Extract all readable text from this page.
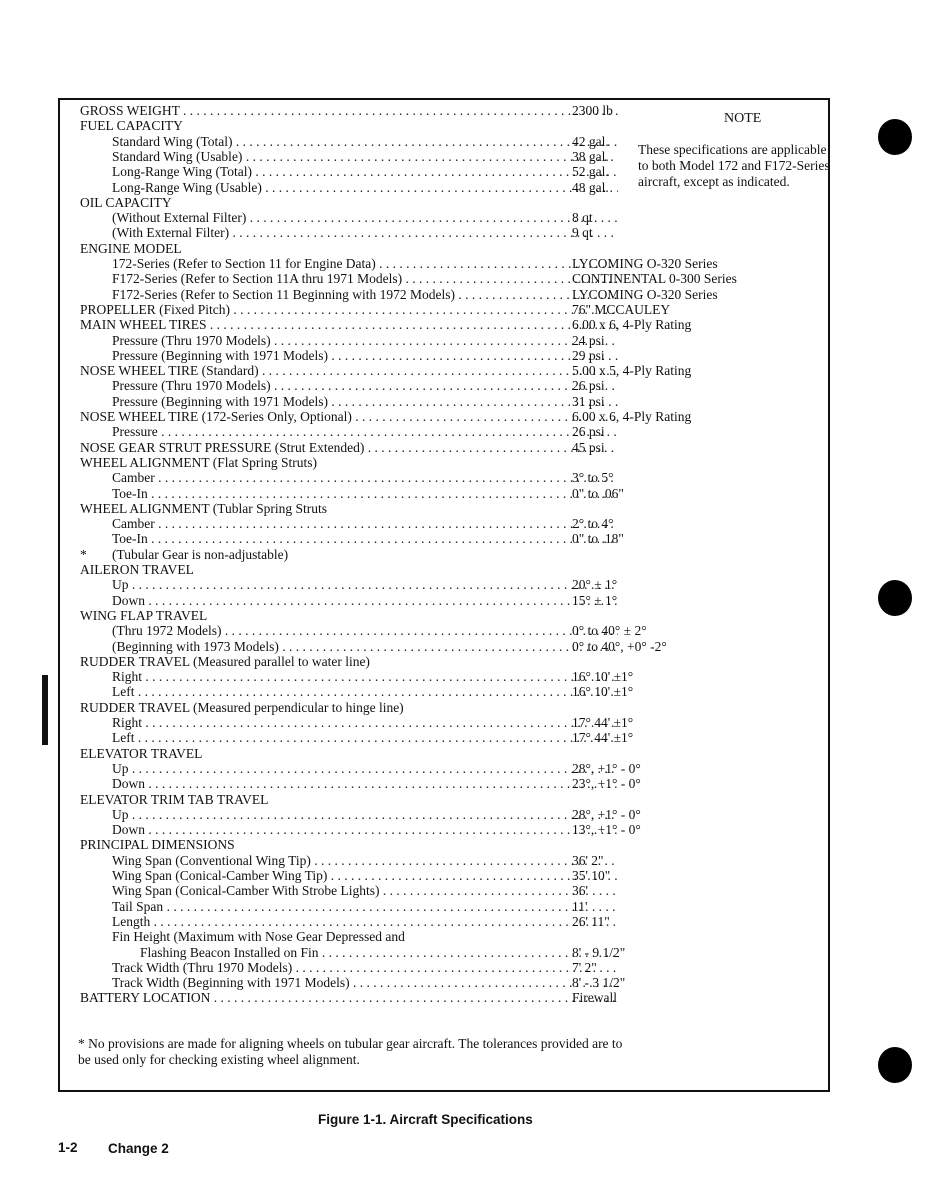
GROSS WEIGHT . . .	2300 lb
FUEL CAPACITY
Standard Wing (Total) . . .	42 gal.
Standard Wing (Usable) . . .	38 gal.
Long-Range Wing (Total) . . .	52 gal.
Long-Range Wing (Usable) . . .	48 gal.
OIL CAPACITY
(Without External Filter) . . .	8 qt
(With External Filter) . . .	9 qt
ENGINE MODEL
172-Series (Refer to Section 11 for Engine Data) . . .	LYCOMING O-320 Series
F172-Series (Refer to Section 11A thru 1971 Models) . . .	CONTINENTAL 0-300 Series
F172-Series (Refer to Section 11 Beginning with 1972 Models) . . .	LYCOMING O-320 Series
PROPELLER (Fixed Pitch) . . .	76" MCCAULEY
MAIN WHEEL TIRES . . .	6.00 x 6, 4-Ply Rating
Pressure (Thru 1970 Models) . . .	24 psi
Pressure (Beginning with 1971 Models) . . .	29 psi
NOSE WHEEL TIRE (Standard) . . .	5.00 x 5, 4-Ply Rating
Pressure (Thru 1970 Models) . . .	26 psi
Pressure (Beginning with 1971 Models) . . .	31 psi
NOSE WHEEL TIRE (172-Series Only, Optional) . . .	6.00 x 6, 4-Ply Rating
Pressure . . .	26 psi
NOSE GEAR STRUT PRESSURE (Strut Extended) . . .	45 psi
WHEEL ALIGNMENT (Flat Spring Struts)
Camber . . .	3° to 5°
Toe-In . . .	0" to .06"
WHEEL ALIGNMENT (Tublar Spring Struts
Camber . . .	2° to 4°
Toe-In . . .	0" to .18"
* (Tubular Gear is non-adjustable)
AILERON TRAVEL
Up . . .	20° ± 1°
Down . . .	15° ± 1°
WING FLAP TRAVEL
(Thru 1972 Models) . . .	0° to 40° ± 2°
(Beginning with 1973 Models) . . .	0° to 40°, +0° -2°
RUDDER TRAVEL (Measured parallel to water line)
Right . . .	16° 10' ±1°
Left . . .	16° 10' ±1°
RUDDER TRAVEL (Measured perpendicular to hinge line)
Right . . .	17° 44' ±1°
Left . . .	17° 44' ±1°
ELEVATOR TRAVEL
Up . . .	28°, +1° - 0°
Down . . .	23°, +1° - 0°
ELEVATOR TRIM TAB TRAVEL
Up . . .	28°, +1° - 0°
Down . . .	13°, +1° - 0°
PRINCIPAL DIMENSIONS
Wing Span (Conventional Wing Tip) . . .	36' 2"
Wing Span (Conical-Camber Wing Tip) . . .	35' 10"
Wing Span (Conical-Camber With Strobe Lights) . . .	36'
Tail Span . . .	11'
Length . . .	26' 11"
Fin Height (Maximum with Nose Gear Depressed and
Flashing Beacon Installed on Fin . . .	8' - 9 1/2"
Track Width (Thru 1970 Models) . . .	7' 2"
Track Width (Beginning with 1971 Models) . . .	8' - 3 1/2"
BATTERY LOCATION . . .	Firewall
NOTE
These specifications are applicable to both Model 172 and F172-Series aircraft, except as indicated.
* No provisions are made for aligning wheels on tubular gear aircraft. The tolerances provided are to be used only for checking existing wheel alignment.
Figure 1-1. Aircraft Specifications
1-2 Change 2
